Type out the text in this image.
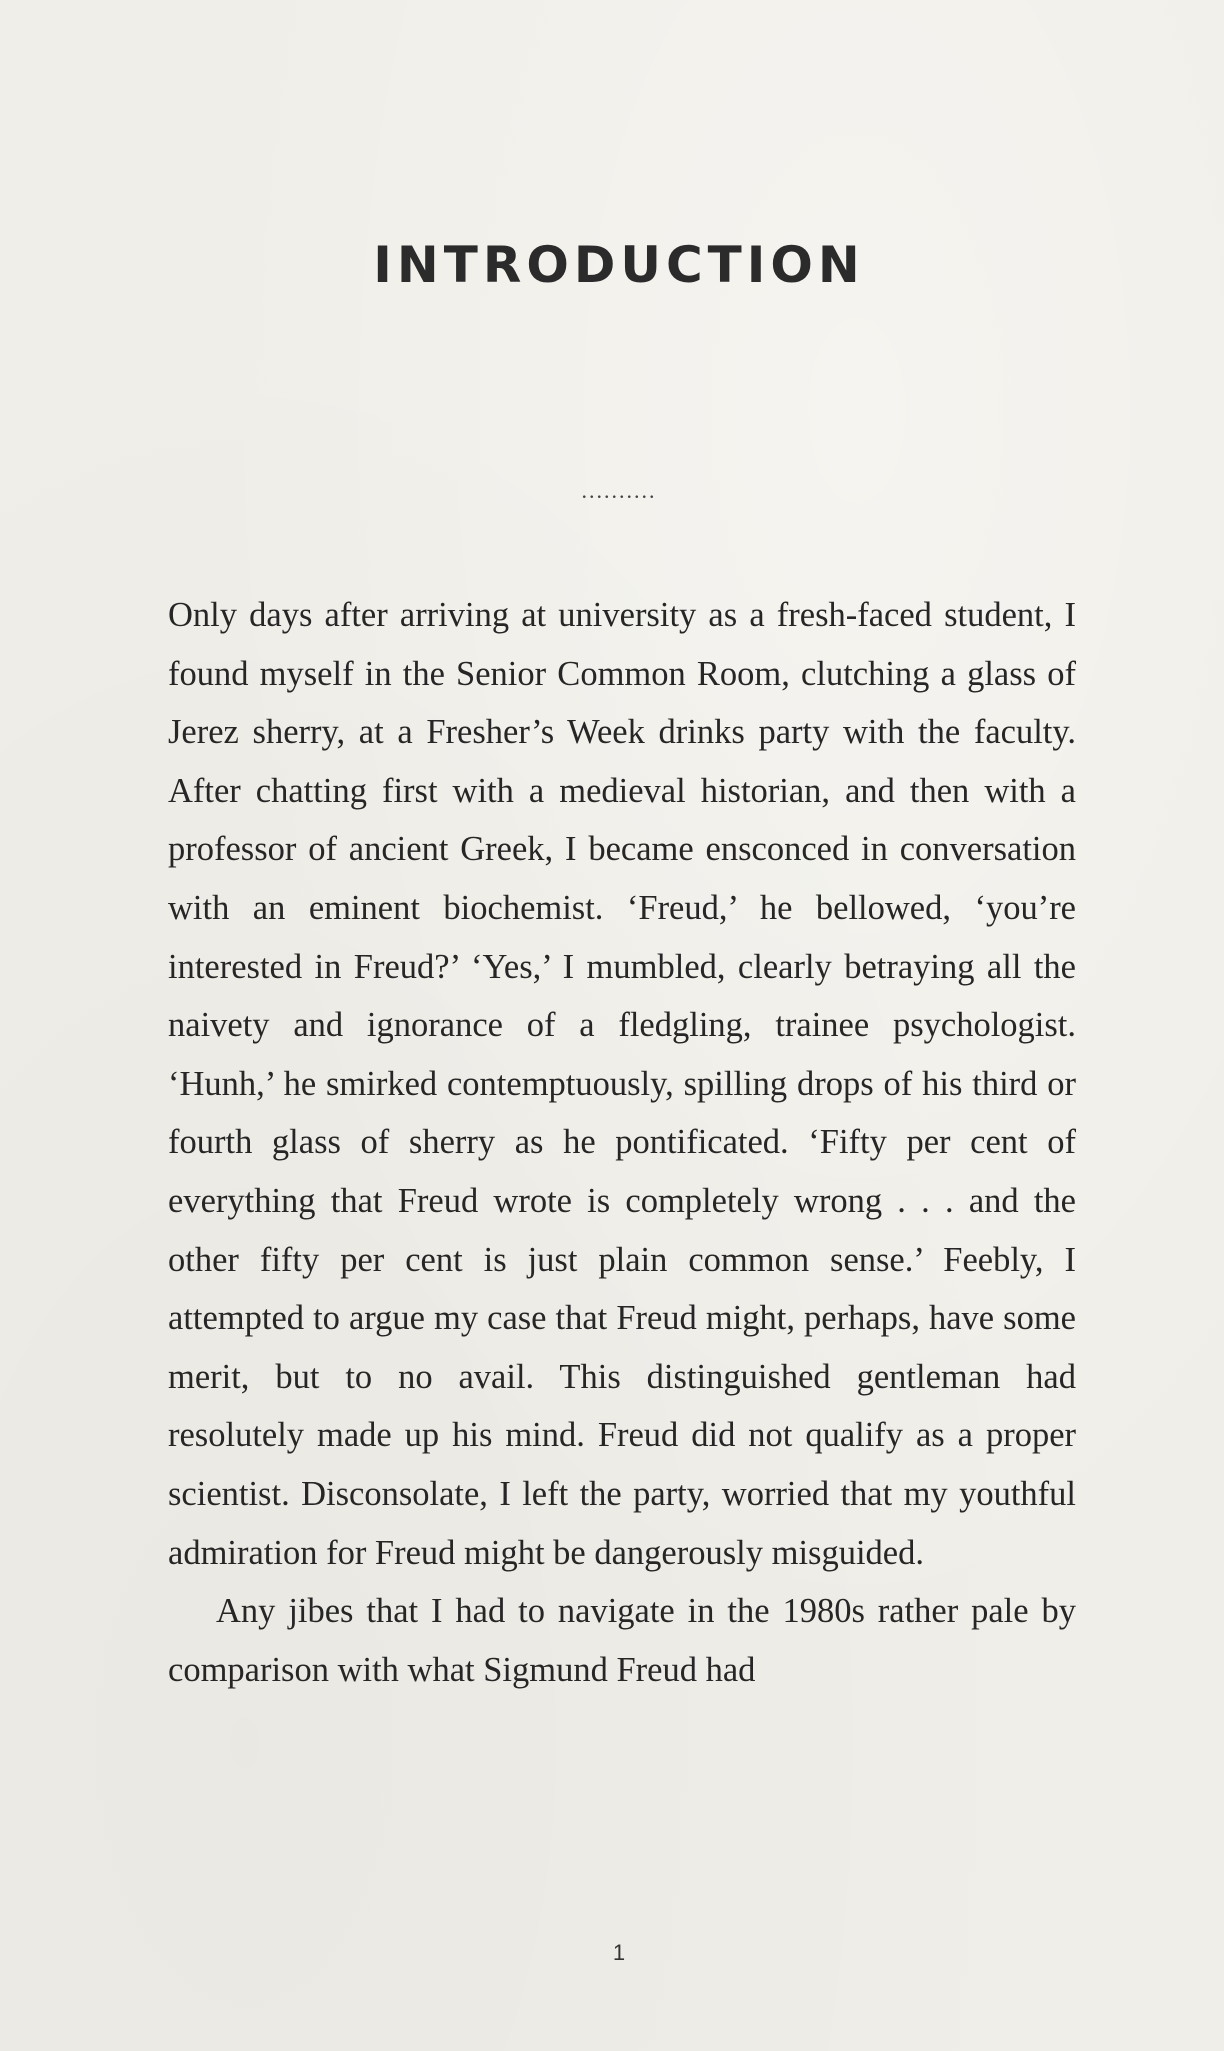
INTRODUCTION
..........

Only days after arriving at university as a fresh-faced student, I found myself in the Senior Common Room, clutching a glass of Jerez sherry, at a Fresher’s Week drinks party with the faculty. After chatting first with a medieval historian, and then with a professor of ancient Greek, I became ensconced in conversation with an eminent biochemist. ‘Freud,’ he bellowed, ‘you’re interested in Freud?’ ‘Yes,’ I mumbled, clearly betraying all the naivety and ignorance of a fledgling, trainee psychologist. ‘Hunh,’ he smirked contemptuously, spilling drops of his third or fourth glass of sherry as he pontificated. ‘Fifty per cent of everything that Freud wrote is completely wrong . . . and the other fifty per cent is just plain common sense.’ Feebly, I attempted to argue my case that Freud might, perhaps, have some merit, but to no avail. This distinguished gentleman had resolutely made up his mind. Freud did not qualify as a proper scientist. Disconsolate, I left the party, worried that my youthful admiration for Freud might be dangerously misguided.

Any jibes that I had to navigate in the 1980s rather pale by comparison with what Sigmund Freud had

1
